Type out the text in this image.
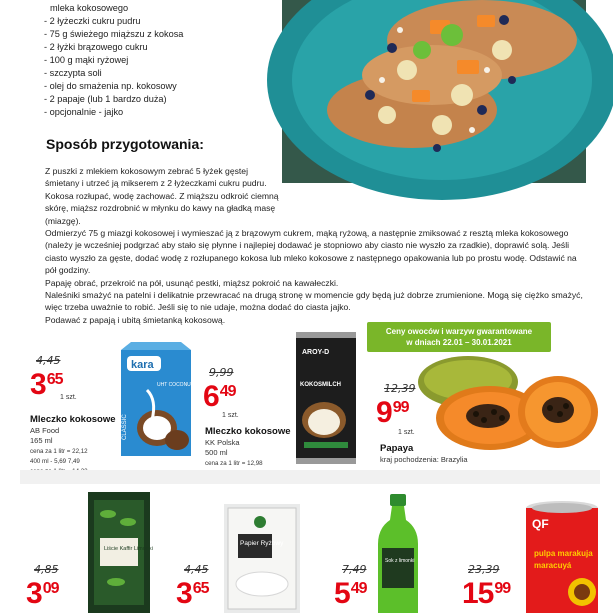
mleka kokosowego
- 2 łyżeczki cukru pudru
- 75 g świeżego miąższu z kokosa
- 2 łyżki brązowego cukru
- 100 g mąki ryżowej
- szczypta soli
- olej do smażenia np. kokosowy
- 2 papaje (lub 1 bardzo duża)
- opcjonalnie - jajko
Sposób przygotowania:

Z puszki z mlekiem kokosowym zebrać 5 łyżek gęstej śmietany i utrzeć ją mikserem z 2 łyżeczkami cukru pudru. Kokosa rozłupać, wodę zachować. Z miąższu odkroić ciemną skórę, miąższ rozdrobnić w młynku do kawy na gładką masę (miazgę).

Odmierzyć 75 g miazgi kokosowej i wymieszać ją z brązowym cukrem, mąką ryżową, a następnie zmiksować z resztą mleka kokosowego (należy je wcześniej podgrzać aby stało się płynne i najlepiej dodawać je stopniowo aby ciasto nie wyszło za rzadkie), doprawić solą. Jeśli ciasto wyszło za gęste, dodać wodę z rozłupanego kokosa lub mleko kokosowe z następnego opakowania lub po prostu wodę. Odstawić na pół godziny.

Papaję obrać, przekroić na pół, usunąć pestki, miąższ pokroić na kawałeczki.

Naleśniki smażyć na patelni i delikatnie przewracać na drugą stronę w momencie gdy będą już dobrze zrumienione. Mogą się ciężko smażyć, więc trzeba uważnie to robić. Jeśli się to nie udaje, można dodać do ciasta jajko.

Podawać z papają i ubitą śmietanką kokosową.

Ceny owoców i warzyw gwarantowane
w dniach 22.01 – 30.01.2021
4,45
3 65
1 szt.
Mleczko kokosowe
AB Food
165 ml
cena za 1 litr = 22,12
400 ml - 5,69 7,49
kara
UHT COCONUT MILK
CLASSIC
9,99
6 49
1 szt.
Mleczko kokosowe
KK Polska
500 ml
cena za 1 litr = 12,98
AROY-D
KOKOSMILCH	12,39
9 99
1 szt.
Papaya
kraj pochodzenia: Brazylia
4,85
3 09
Liście Kaffir Limonki
4,45
3 65
Papier Ryżowy
7,49
5 49
Sok z limonki
23,39
15 99
QF
pulpa marakuja
maracuyá
